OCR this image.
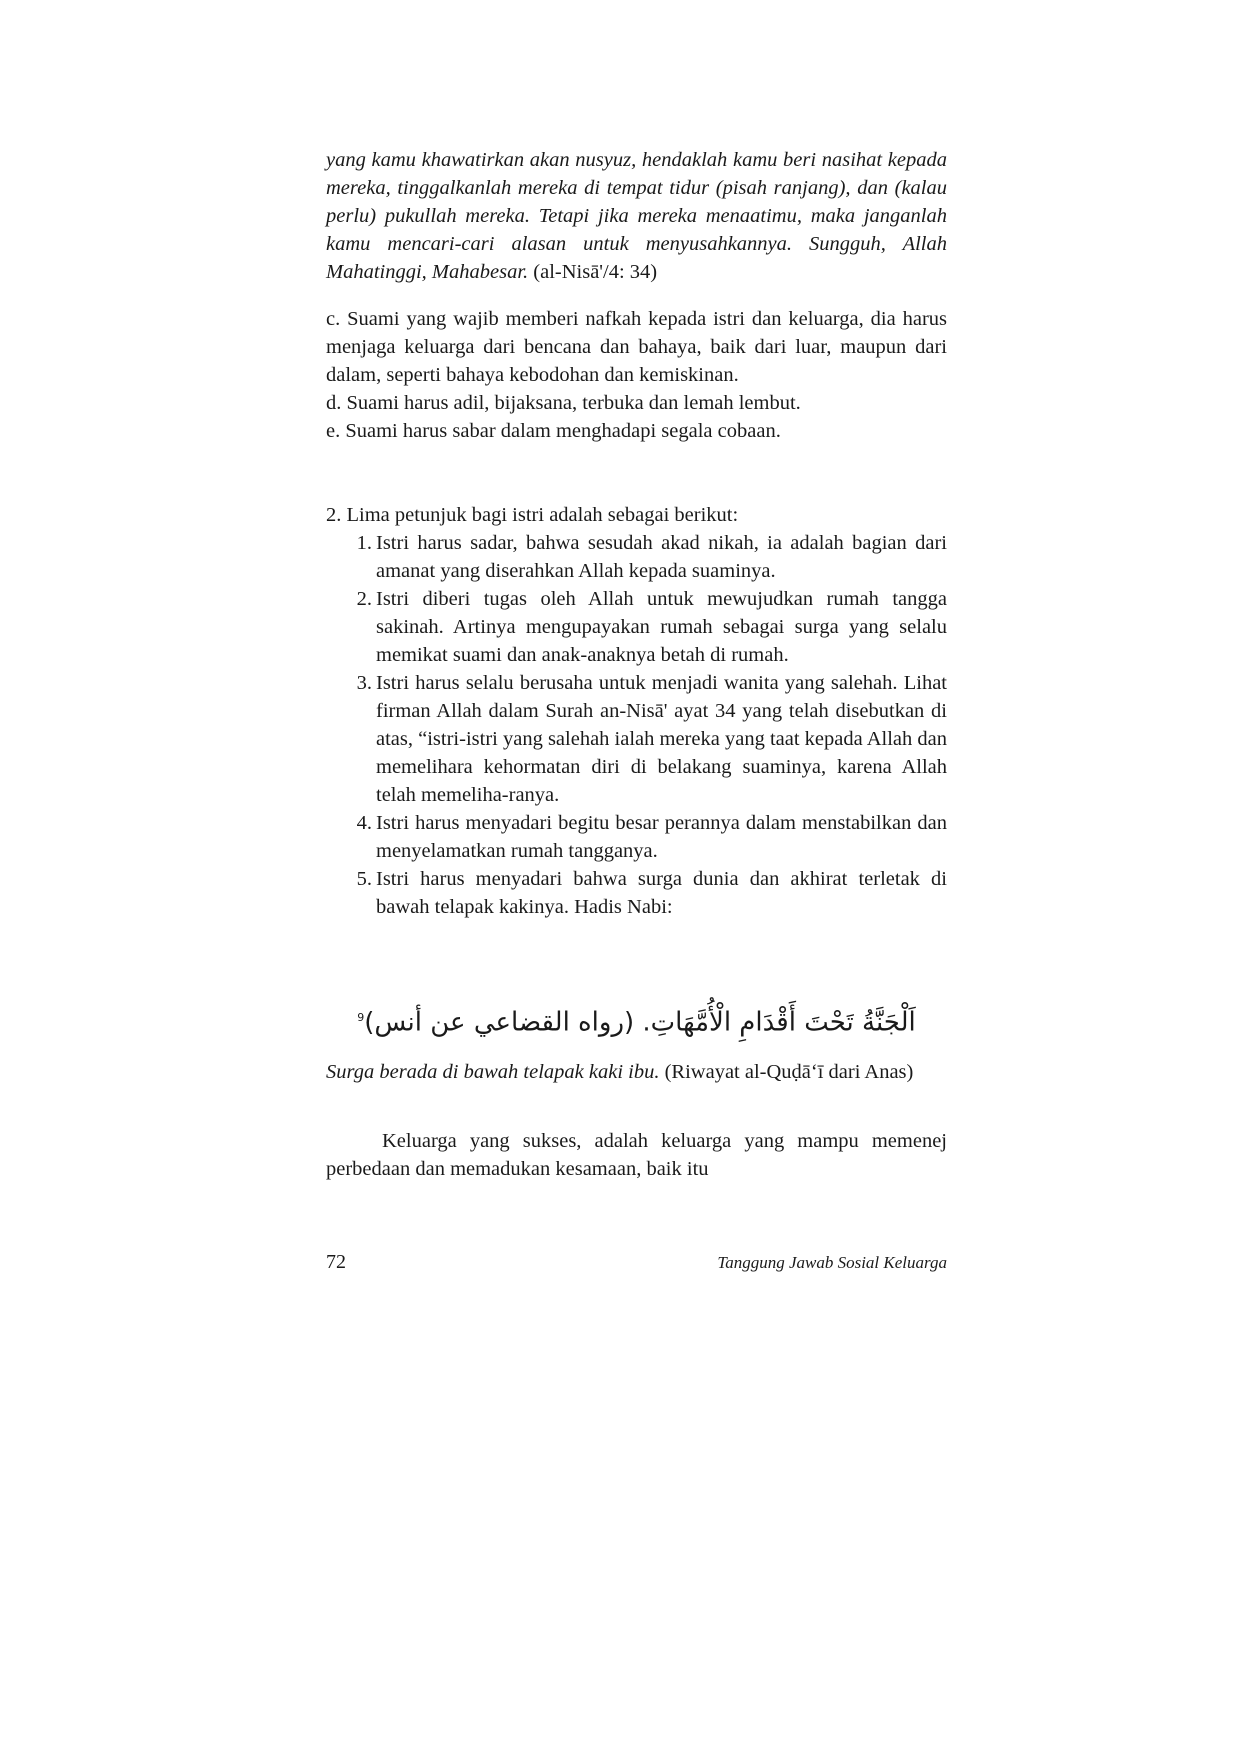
yang kamu khawatirkan akan nusyuz, hendaklah kamu beri nasihat kepada mereka, tinggalkanlah mereka di tempat tidur (pisah ranjang), dan (kalau perlu) pukullah mereka. Tetapi jika mereka menaatimu, maka janganlah kamu mencari-cari alasan untuk menyusahkannya. Sungguh, Allah Mahatinggi, Mahabesar. (al-Nisā'/4: 34)

c. Suami yang wajib memberi nafkah kepada istri dan keluarga, dia harus menjaga keluarga dari bencana dan bahaya, baik dari luar, maupun dari dalam, seperti bahaya kebodohan dan kemiskinan.

d. Suami harus adil, bijaksana, terbuka dan lemah lembut.

e. Suami harus sabar dalam menghadapi segala cobaan.

2. Lima petunjuk bagi istri adalah sebagai berikut:

1. Istri harus sadar, bahwa sesudah akad nikah, ia adalah bagian dari amanat yang diserahkan Allah kepada suaminya.
2. Istri diberi tugas oleh Allah untuk mewujudkan rumah tangga sakinah. Artinya mengupayakan rumah sebagai surga yang selalu memikat suami dan anak-anaknya betah di rumah.
3. Istri harus selalu berusaha untuk menjadi wanita yang salehah. Lihat firman Allah dalam Surah an-Nisā' ayat 34 yang telah disebutkan di atas, “istri-istri yang salehah ialah mereka yang taat kepada Allah dan memelihara kehormatan diri di belakang suaminya, karena Allah telah memeliha-ranya.
4. Istri harus menyadari begitu besar perannya dalam menstabilkan dan menyelamatkan rumah tangganya.
5. Istri harus menyadari bahwa surga dunia dan akhirat terletak di bawah telapak kakinya. Hadis Nabi:
اَلْجَنَّةُ تَحْتَ أَقْدَامِ الْأُمَّهَاتِ. (رواه القضاعي عن أنس)$^9$

Surga berada di bawah telapak kaki ibu. (Riwayat al-Quḍā‘ī dari Anas)

Keluarga yang sukses, adalah keluarga yang mampu memenej perbedaan dan memadukan kesamaan, baik itu

72	Tanggung Jawab Sosial Keluarga
